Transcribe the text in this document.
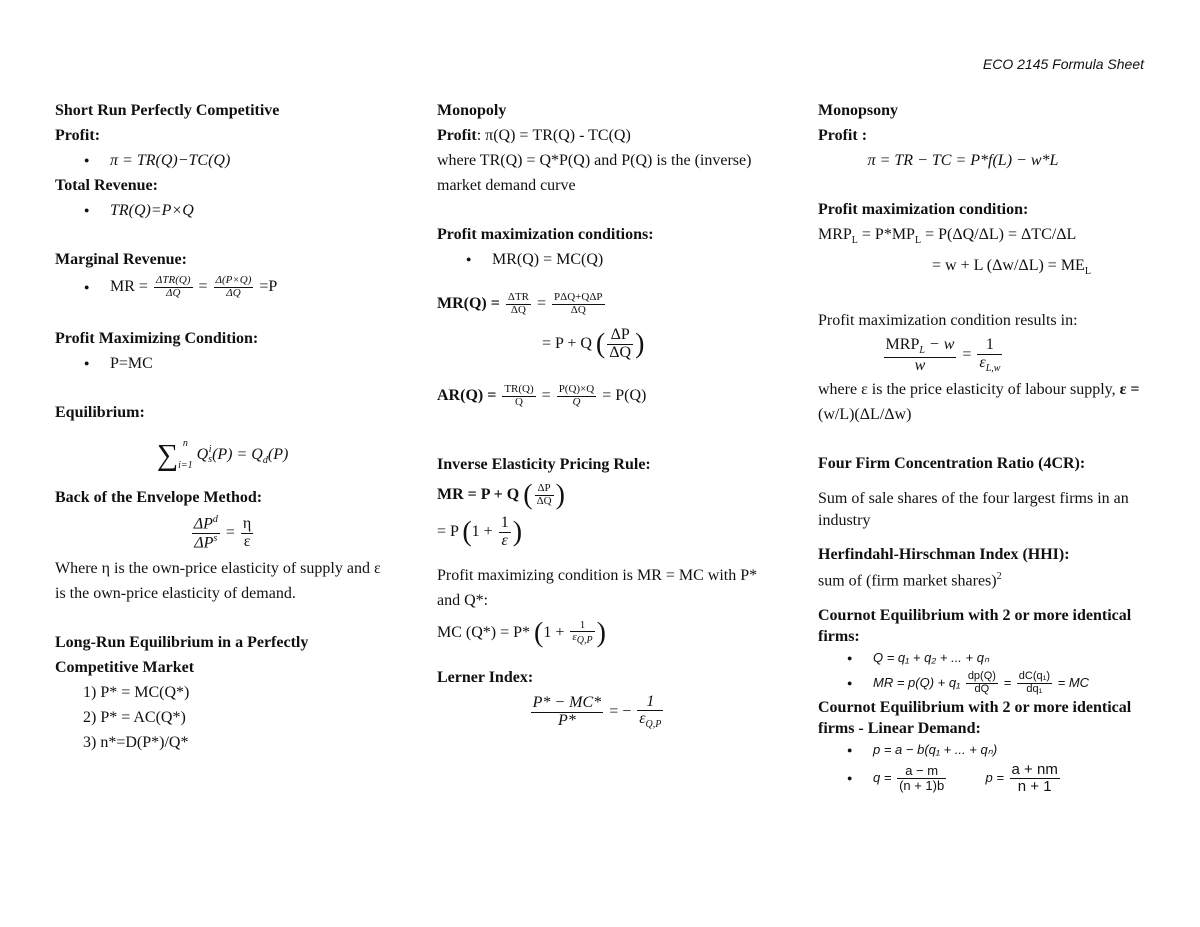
ECO 2145 Formula Sheet
Short Run Perfectly Competitive
Profit:
● π = TR(Q)−TC(Q)
Total Revenue:
● TR(Q)=P×Q
Marginal Revenue:
● MR = $\frac{\text{ΔTR(Q)}}{\Delta Q} = \frac{\Delta(P\times Q)}{\Delta Q} =P$
Profit Maximizing Condition:
● P=MC
Equilibrium:
∑ n
i=1
Q i
s $(P) = Q_d(P)$
Back of the Envelope Method:
$\frac{\Delta P^d}{\Delta P^s} = \frac{\eta}{\varepsilon}$
Where η is the own-price elasticity of supply and ε is the own-price elasticity of demand.
Long-Run Equilibrium in a Perfectly
Competitive Market
1) P* = MC(Q*)
2) P* = AC(Q*)
3) n*=D(P*)/Q*
Monopoly
Profit: π(Q) = TR(Q) - TC(Q)
where TR(Q) = Q*P(Q) and P(Q) is the (inverse) market demand curve
Profit maximization conditions:
● MR(Q) = MC(Q)
$MR(Q) = \frac{\text{ΔTR}}{\Delta Q} = \frac{\text{PΔQ+QΔP}}{\Delta Q}$
= P + Q ( $\frac{\Delta P}{\Delta Q}$ )
$AR(Q) = \frac{TR(Q)}{Q} = \frac{P(Q)\times Q}{Q} = P(Q)$
Inverse Elasticity Pricing Rule:
MR = P + Q ( $\frac{\Delta P}{\Delta Q}$ )
= P ($1 + \frac{1}{\varepsilon}$ )
Profit maximizing condition is MR = MC with P* and Q*:
MC (Q*) = P* ($1 + \frac{1}{\varepsilon_{Q,P}}$ )
Lerner Index:
$\frac{P* - MC*}{P*}$ = − $\frac{1}{\varepsilon_{Q,P}}$
Monopsony
Profit :
π = TR − TC = P*f(L) − w*L
Profit maximization condition:
$MRP_L = P*MP_L = P(\Delta Q/\Delta L) = \Delta TC/\Delta L$
= w + L $(\Delta w/\Delta L) = ME_L$
Profit maximization condition results in:
$\frac{MRP_L - w}{w} = \frac{1}{\varepsilon_{L,w}}$
where ε is the price elasticity of labour supply, ε = (w/L)(ΔL/Δw)
Four Firm Concentration Ratio (4CR):
Sum of sale shares of the four largest firms in an industry
Herfindahl-Hirschman Index (HHI):
sum of (firm market shares)$^2$
Cournot Equilibrium with 2 or more identical firms:
● Q = q₁ + q₂ + ... + qₙ
● MR = $p(Q) + q_1 \frac{dp(Q)}{dQ} = \frac{\text{dC(q₁)}}{\text{dq₁}}$ = MC
Cournot Equilibrium with 2 or more identical firms - Linear Demand:
● p = a − b(q₁ + ... + qₙ)
● $q = \frac{a - m}{(n + 1)b}$	$p = \frac{a + nm}{n + 1}$
